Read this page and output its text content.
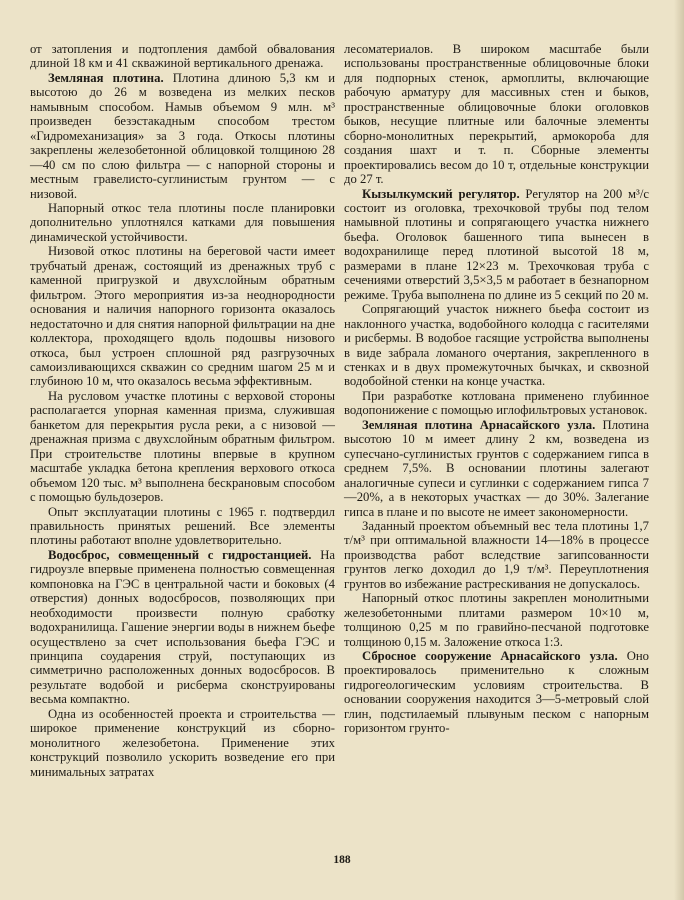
от затопления и подтопления дамбой обвалования длиной 18 км и 41 скважиной вертикального дренажа.

Земляная плотина. Плотина длиною 5,3 км и высотою до 26 м возведена из мелких песков намывным способом. Намыв объемом 9 млн. м³ произведен безэстакадным способом трестом «Гидромеханизация» за 3 года. Откосы плотины закреплены железобетонной облицовкой толщиною 28—40 см по слою фильтра — с напорной стороны и местным гравелисто-суглинистым грунтом — с низовой.

Напорный откос тела плотины после планировки дополнительно уплотнялся катками для повышения динамической устойчивости.

Низовой откос плотины на береговой части имеет трубчатый дренаж, состоящий из дренажных труб с каменной пригрузкой и двухслойным обратным фильтром. Этого мероприятия из-за неоднородности основания и наличия напорного горизонта оказалось недостаточно и для снятия напорной фильтрации на дне коллектора, проходящего вдоль подошвы низового откоса, был устроен сплошной ряд разгрузочных самоизливающихся скважин со средним шагом 25 м и глубиною 10 м, что оказалось весьма эффективным.

На русловом участке плотины с верховой стороны располагается упорная каменная призма, служившая банкетом для перекрытия русла реки, а с низовой — дренажная призма с двухслойным обратным фильтром. При строительстве плотины впервые в крупном масштабе укладка бетона крепления верхового откоса объемом 120 тыс. м³ выполнена бескрановым способом с помощью бульдозеров.

Опыт эксплуатации плотины с 1965 г. подтвердил правильность принятых решений. Все элементы плотины работают вполне удовлетворительно.

Водосброс, совмещенный с гидростанцией. На гидроузле впервые применена полностью совмещенная компоновка на ГЭС в центральной части и боковых (4 отверстия) донных водосбросов, позволяющих при необходимости произвести полную сработку водохранилища. Гашение энергии воды в нижнем бьефе осуществлено за счет использования бьефа ГЭС и принципа соударения струй, поступающих из симметрично расположенных донных водосбросов. В результате водобой и рисберма сконструированы весьма компактно.

Одна из особенностей проекта и строительства — широкое применение конструкций из сборно-монолитного железобетона. Применение этих конструкций позволило ускорить возведение его при минимальных затратах

лесоматериалов. В широком масштабе были использованы пространственные облицовочные блоки для подпорных стенок, армоплиты, включающие рабочую арматуру для массивных стен и быков, пространственные облицовочные блоки оголовков быков, несущие плитные или балочные элементы сборно-монолитных перекрытий, армокоробa для создания шахт и т. п. Сборные элементы проектировались весом до 10 т, отдельные конструкции до 27 т.

Кызылкумский регулятор. Регулятор на 200 м³/с состоит из оголовка, трехочковой трубы под телом намывной плотины и сопрягающего участка нижнего бьефа. Оголовок башенного типа вынесен в водохранилище перед плотиной высотой 18 м, размерами в плане 12×23 м. Трехочковая труба с сечениями отверстий 3,5×3,5 м работает в безнапорном режиме. Труба выполнена по длине из 5 секций по 20 м.

Сопрягающий участок нижнего бьефа состоит из наклонного участка, водобойного колодца с гасителями и рисбермы. В водобое гасящие устройства выполнены в виде забрала ломаного очертания, закрепленного в стенках и в двух промежуточных бычках, и сквозной водобойной стенки на конце участка.

При разработке котлована применено глубинное водопонижение с помощью иглофильтровых установок.

Земляная плотина Арнасайского узла. Плотина высотою 10 м имеет длину 2 км, возведена из супесчано-суглинистых грунтов с содержанием гипса в среднем 7,5%. В основании плотины залегают аналогичные супеси и суглинки с содержанием гипса 7—20%, а в некоторых участках — до 30%. Залегание гипса в плане и по высоте не имеет закономерности.

Заданный проектом объемный вес тела плотины 1,7 т/м³ при оптимальной влажности 14—18% в процессе производства работ вследствие загипсованности грунтов легко доходил до 1,9 т/м³. Переуплотнения грунтов во избежание растрескивания не допускалось.

Напорный откос плотины закреплен монолитными железобетонными плитами размером 10×10 м, толщиною 0,25 м по гравийно-песчаной подготовке толщиною 0,15 м. Заложение откоса 1:3.

Сбросное сооружение Арнасайского узла. Оно проектировалось применительно к сложным гидрогеологическим условиям строительства. В основании сооружения находится 3—5-метровый слой глин, подстилаемый плывуным песком с напорным горизонтом грунто-

188
